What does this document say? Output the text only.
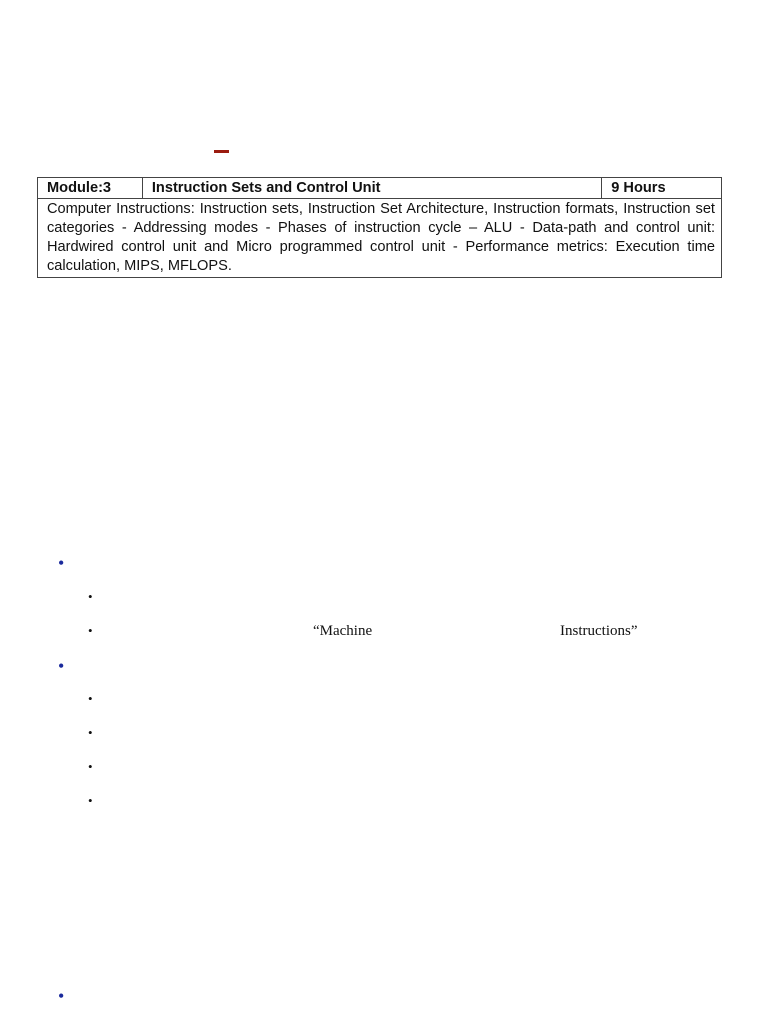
Module:3	Instruction Sets and Control Unit	9 Hours
Computer Instructions: Instruction sets, Instruction Set Architecture, Instruction formats, Instruction set categories - Addressing modes - Phases of instruction cycle – ALU - Data-path and control unit: Hardwired control unit and Micro programmed control unit - Performance metrics: Execution time calculation, MIPS, MFLOPS.
•
•
•	“Machine	Instructions”
•
•
•
•
•
•
